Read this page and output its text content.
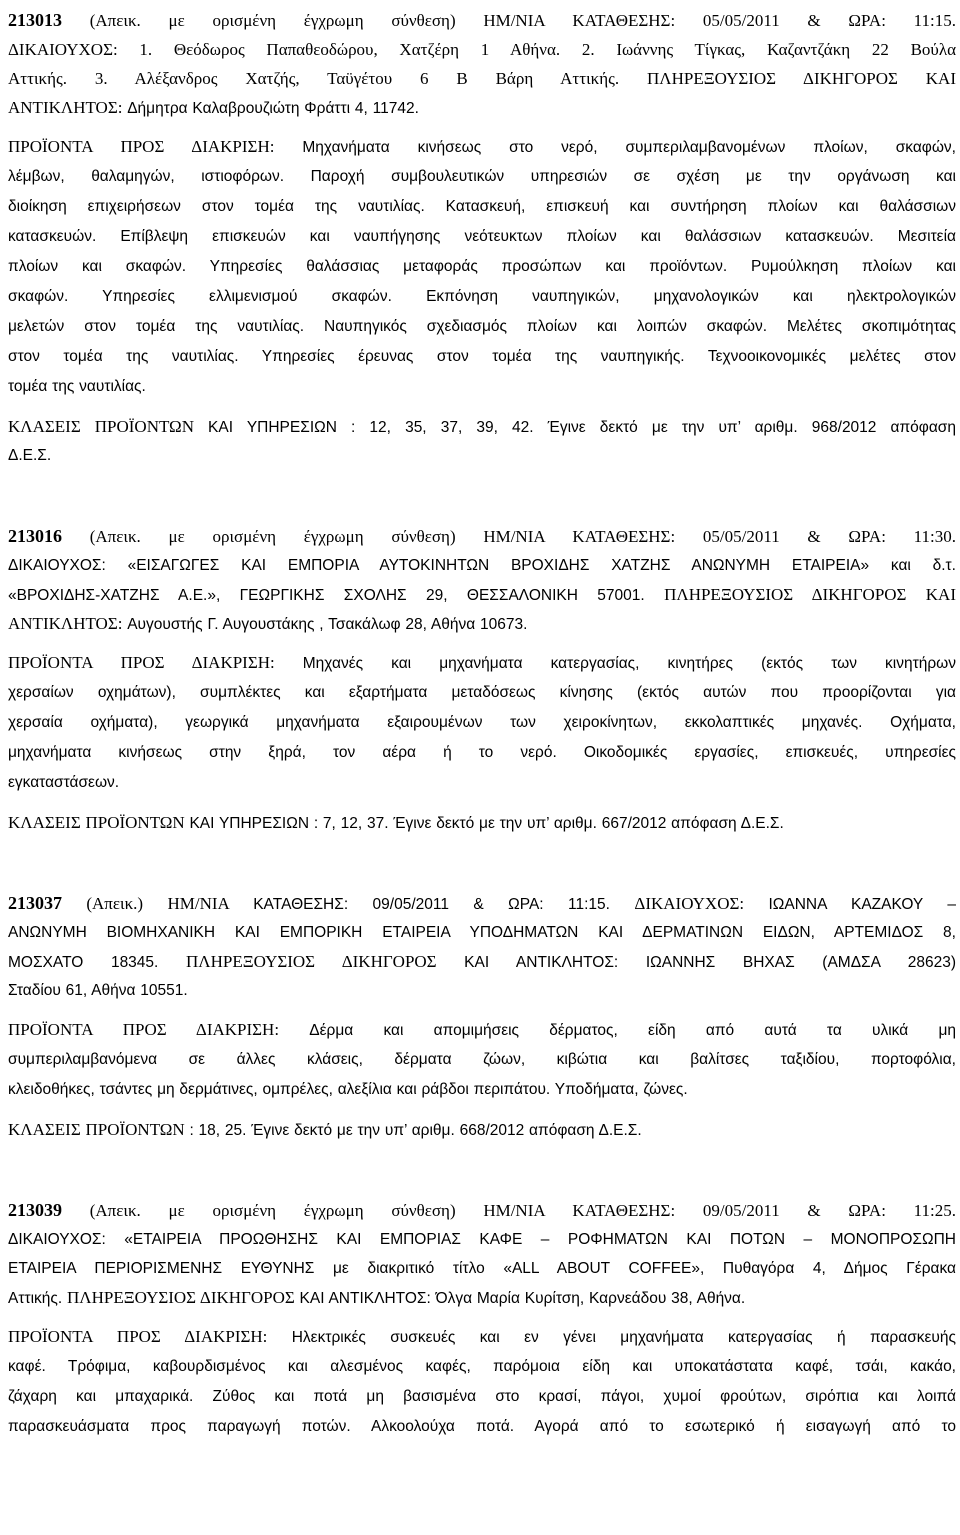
213013 (Απεικ. με ορισμένη έγχρωμη σύνθεση) ΗΜ/ΝΙΑ ΚΑΤΑΘΕΣΗΣ: 05/05/2011 & ΩΡΑ: 11:15.
ΔΙΚΑΙΟΥΧΟΣ: 1. Θεόδωρος Παπαθεοδώρου, Χατζέρη 1 Αθήνα. 2. Ιωάννης Τίγκας, Καζαντζάκη 22 Βούλα
Αττικής. 3. Αλέξανδρος Χατζής, Ταϋγέτου 6 Β Βάρη Αττικής. ΠΛΗΡΕΞΟΥΣΙΟΣ ΔΙΚΗΓΟΡΟΣ ΚΑΙ
ΑΝΤΙΚΛΗΤΟΣ: Δήμητρα Καλαβρουζιώτη Φράττι 4, 11742.
ΠΡΟΪΟΝΤΑ ΠΡΟΣ ΔΙΑΚΡΙΣΗ: Μηχανήματα κινήσεως στο νερό, συμπεριλαμβανομένων πλοίων, σκαφών,
λέμβων, θαλαμηγών, ιστιοφόρων. Παροχή συμβουλευτικών υπηρεσιών σε σχέση με την οργάνωση και
διοίκηση επιχειρήσεων στον τομέα της ναυτιλίας. Κατασκευή, επισκευή και συντήρηση πλοίων και θαλάσσιων
κατασκευών. Επίβλεψη επισκευών και ναυπήγησης νεότευκτων πλοίων και θαλάσσιων κατασκευών. Μεσιτεία
πλοίων και σκαφών. Υπηρεσίες θαλάσσιας μεταφοράς προσώπων και προϊόντων. Ρυμούλκηση πλοίων και
σκαφών. Υπηρεσίες ελλιμενισμού σκαφών. Εκπόνηση ναυπηγικών, μηχανολογικών και ηλεκτρολογικών
μελετών στον τομέα της ναυτιλίας. Ναυπηγικός σχεδιασμός πλοίων και λοιπών σκαφών. Μελέτες σκοπιμότητας
στον τομέα της ναυτιλίας. Υπηρεσίες έρευνας στον τομέα της ναυπηγικής. Τεχνοοικονομικές μελέτες στον
τομέα της ναυτιλίας.
ΚΛΑΣΕΙΣ ΠΡΟΪΟΝΤΩΝ ΚΑΙ ΥΠΗΡΕΣΙΩΝ : 12, 35, 37, 39, 42. Έγινε δεκτό με την υπ’ αριθμ. 968/2012 απόφαση
Δ.Ε.Σ.
213016 (Απεικ. με ορισμένη έγχρωμη σύνθεση) ΗΜ/ΝΙΑ ΚΑΤΑΘΕΣΗΣ: 05/05/2011 & ΩΡΑ: 11:30.
ΔΙΚΑΙΟΥΧΟΣ: «ΕΙΣΑΓΩΓΕΣ ΚΑΙ ΕΜΠΟΡΙΑ ΑΥΤΟΚΙΝΗΤΩΝ ΒΡΟΧΙΔΗΣ ΧΑΤΖΗΣ ΑΝΩΝΥΜΗ ΕΤΑΙΡΕΙΑ» και δ.τ.
«ΒΡΟΧΙΔΗΣ-ΧΑΤΖΗΣ Α.Ε.», ΓΕΩΡΓΙΚΗΣ ΣΧΟΛΗΣ 29, ΘΕΣΣΑΛΟΝΙΚΗ 57001. ΠΛΗΡΕΞΟΥΣΙΟΣ ΔΙΚΗΓΟΡΟΣ ΚΑΙ
ΑΝΤΙΚΛΗΤΟΣ: Αυγουστής Γ. Αυγουστάκης , Τσακάλωφ 28, Αθήνα 10673.
ΠΡΟΪΟΝΤΑ ΠΡΟΣ ΔΙΑΚΡΙΣΗ: Μηχανές και μηχανήματα κατεργασίας, κινητήρες (εκτός των κινητήρων
χερσαίων οχημάτων), συμπλέκτες και εξαρτήματα μεταδόσεως κίνησης (εκτός αυτών που προορίζονται για
χερσαία οχήματα), γεωργικά μηχανήματα εξαιρουμένων των χειροκίνητων, εκκολαπτικές μηχανές. Οχήματα,
μηχανήματα κινήσεως στην ξηρά, τον αέρα ή το νερό. Οικοδομικές εργασίες, επισκευές, υπηρεσίες
εγκαταστάσεων.
ΚΛΑΣΕΙΣ ΠΡΟΪΟΝΤΩΝ ΚΑΙ ΥΠΗΡΕΣΙΩΝ : 7, 12, 37. Έγινε δεκτό με την υπ’ αριθμ. 667/2012 απόφαση Δ.Ε.Σ.
213037 (Απεικ.) ΗΜ/ΝΙΑ ΚΑΤΑΘΕΣΗΣ: 09/05/2011 & ΩΡΑ: 11:15. ΔΙΚΑΙΟΥΧΟΣ: ΙΩΑΝΝΑ ΚΑΖΑΚΟΥ –
ΑΝΩΝΥΜΗ ΒΙΟΜΗΧΑΝΙΚΗ ΚΑΙ ΕΜΠΟΡΙΚΗ ΕΤΑΙΡΕΙΑ ΥΠΟΔΗΜΑΤΩΝ ΚΑΙ ΔΕΡΜΑΤΙΝΩΝ ΕΙΔΩΝ, ΑΡΤΕΜΙΔΟΣ 8,
ΜΟΣΧΑΤΟ 18345. ΠΛΗΡΕΞΟΥΣΙΟΣ ΔΙΚΗΓΟΡΟΣ ΚΑΙ ΑΝΤΙΚΛΗΤΟΣ: ΙΩΑΝΝΗΣ ΒΗΧΑΣ (ΑΜΔΣΑ 28623)
Σταδίου 61, Αθήνα 10551.
ΠΡΟΪΟΝΤΑ ΠΡΟΣ ΔΙΑΚΡΙΣΗ: Δέρμα και απομιμήσεις δέρματος, είδη από αυτά τα υλικά μη
συμπεριλαμβανόμενα σε άλλες κλάσεις, δέρματα ζώων, κιβώτια και βαλίτσες ταξιδίου, πορτοφόλια,
κλειδοθήκες, τσάντες μη δερμάτινες, ομπρέλες, αλεξίλια και ράβδοι περιπάτου. Υποδήματα, ζώνες.
ΚΛΑΣΕΙΣ ΠΡΟΪΟΝΤΩΝ : 18, 25. Έγινε δεκτό με την υπ’ αριθμ. 668/2012 απόφαση Δ.Ε.Σ.
213039 (Απεικ. με ορισμένη έγχρωμη σύνθεση) ΗΜ/ΝΙΑ ΚΑΤΑΘΕΣΗΣ: 09/05/2011 & ΩΡΑ: 11:25.
ΔΙΚΑΙΟΥΧΟΣ: «ΕΤΑΙΡΕΙΑ ΠΡΟΩΘΗΣΗΣ ΚΑΙ ΕΜΠΟΡΙΑΣ ΚΑΦΕ – ΡΟΦΗΜΑΤΩΝ ΚΑΙ ΠΟΤΩΝ – ΜΟΝΟΠΡΟΣΩΠΗ
ΕΤΑΙΡΕΙΑ ΠΕΡΙΟΡΙΣΜΕΝΗΣ ΕΥΘΥΝΗΣ με διακριτικό τίτλο «ALL ABOUT COFFEE», Πυθαγόρα 4, Δήμος Γέρακα
Αττικής. ΠΛΗΡΕΞΟΥΣΙΟΣ ΔΙΚΗΓΟΡΟΣ ΚΑΙ ΑΝΤΙΚΛΗΤΟΣ: Όλγα Μαρία Κυρίτση, Καρνεάδου 38, Αθήνα.
ΠΡΟΪΟΝΤΑ ΠΡΟΣ ΔΙΑΚΡΙΣΗ: Ηλεκτρικές συσκευές και εν γένει μηχανήματα κατεργασίας ή παρασκευής
καφέ. Τρόφιμα, καβουρδισμένος και αλεσμένος καφές, παρόμοια είδη και υποκατάστατα καφέ, τσάι, κακάο,
ζάχαρη και μπαχαρικά. Ζύθος και ποτά μη βασισμένα στο κρασί, πάγοι, χυμοί φρούτων, σιρόπια και λοιπά
παρασκευάσματα προς παραγωγή ποτών. Αλκοολούχα ποτά. Αγορά από το εσωτερικό ή εισαγωγή από το
